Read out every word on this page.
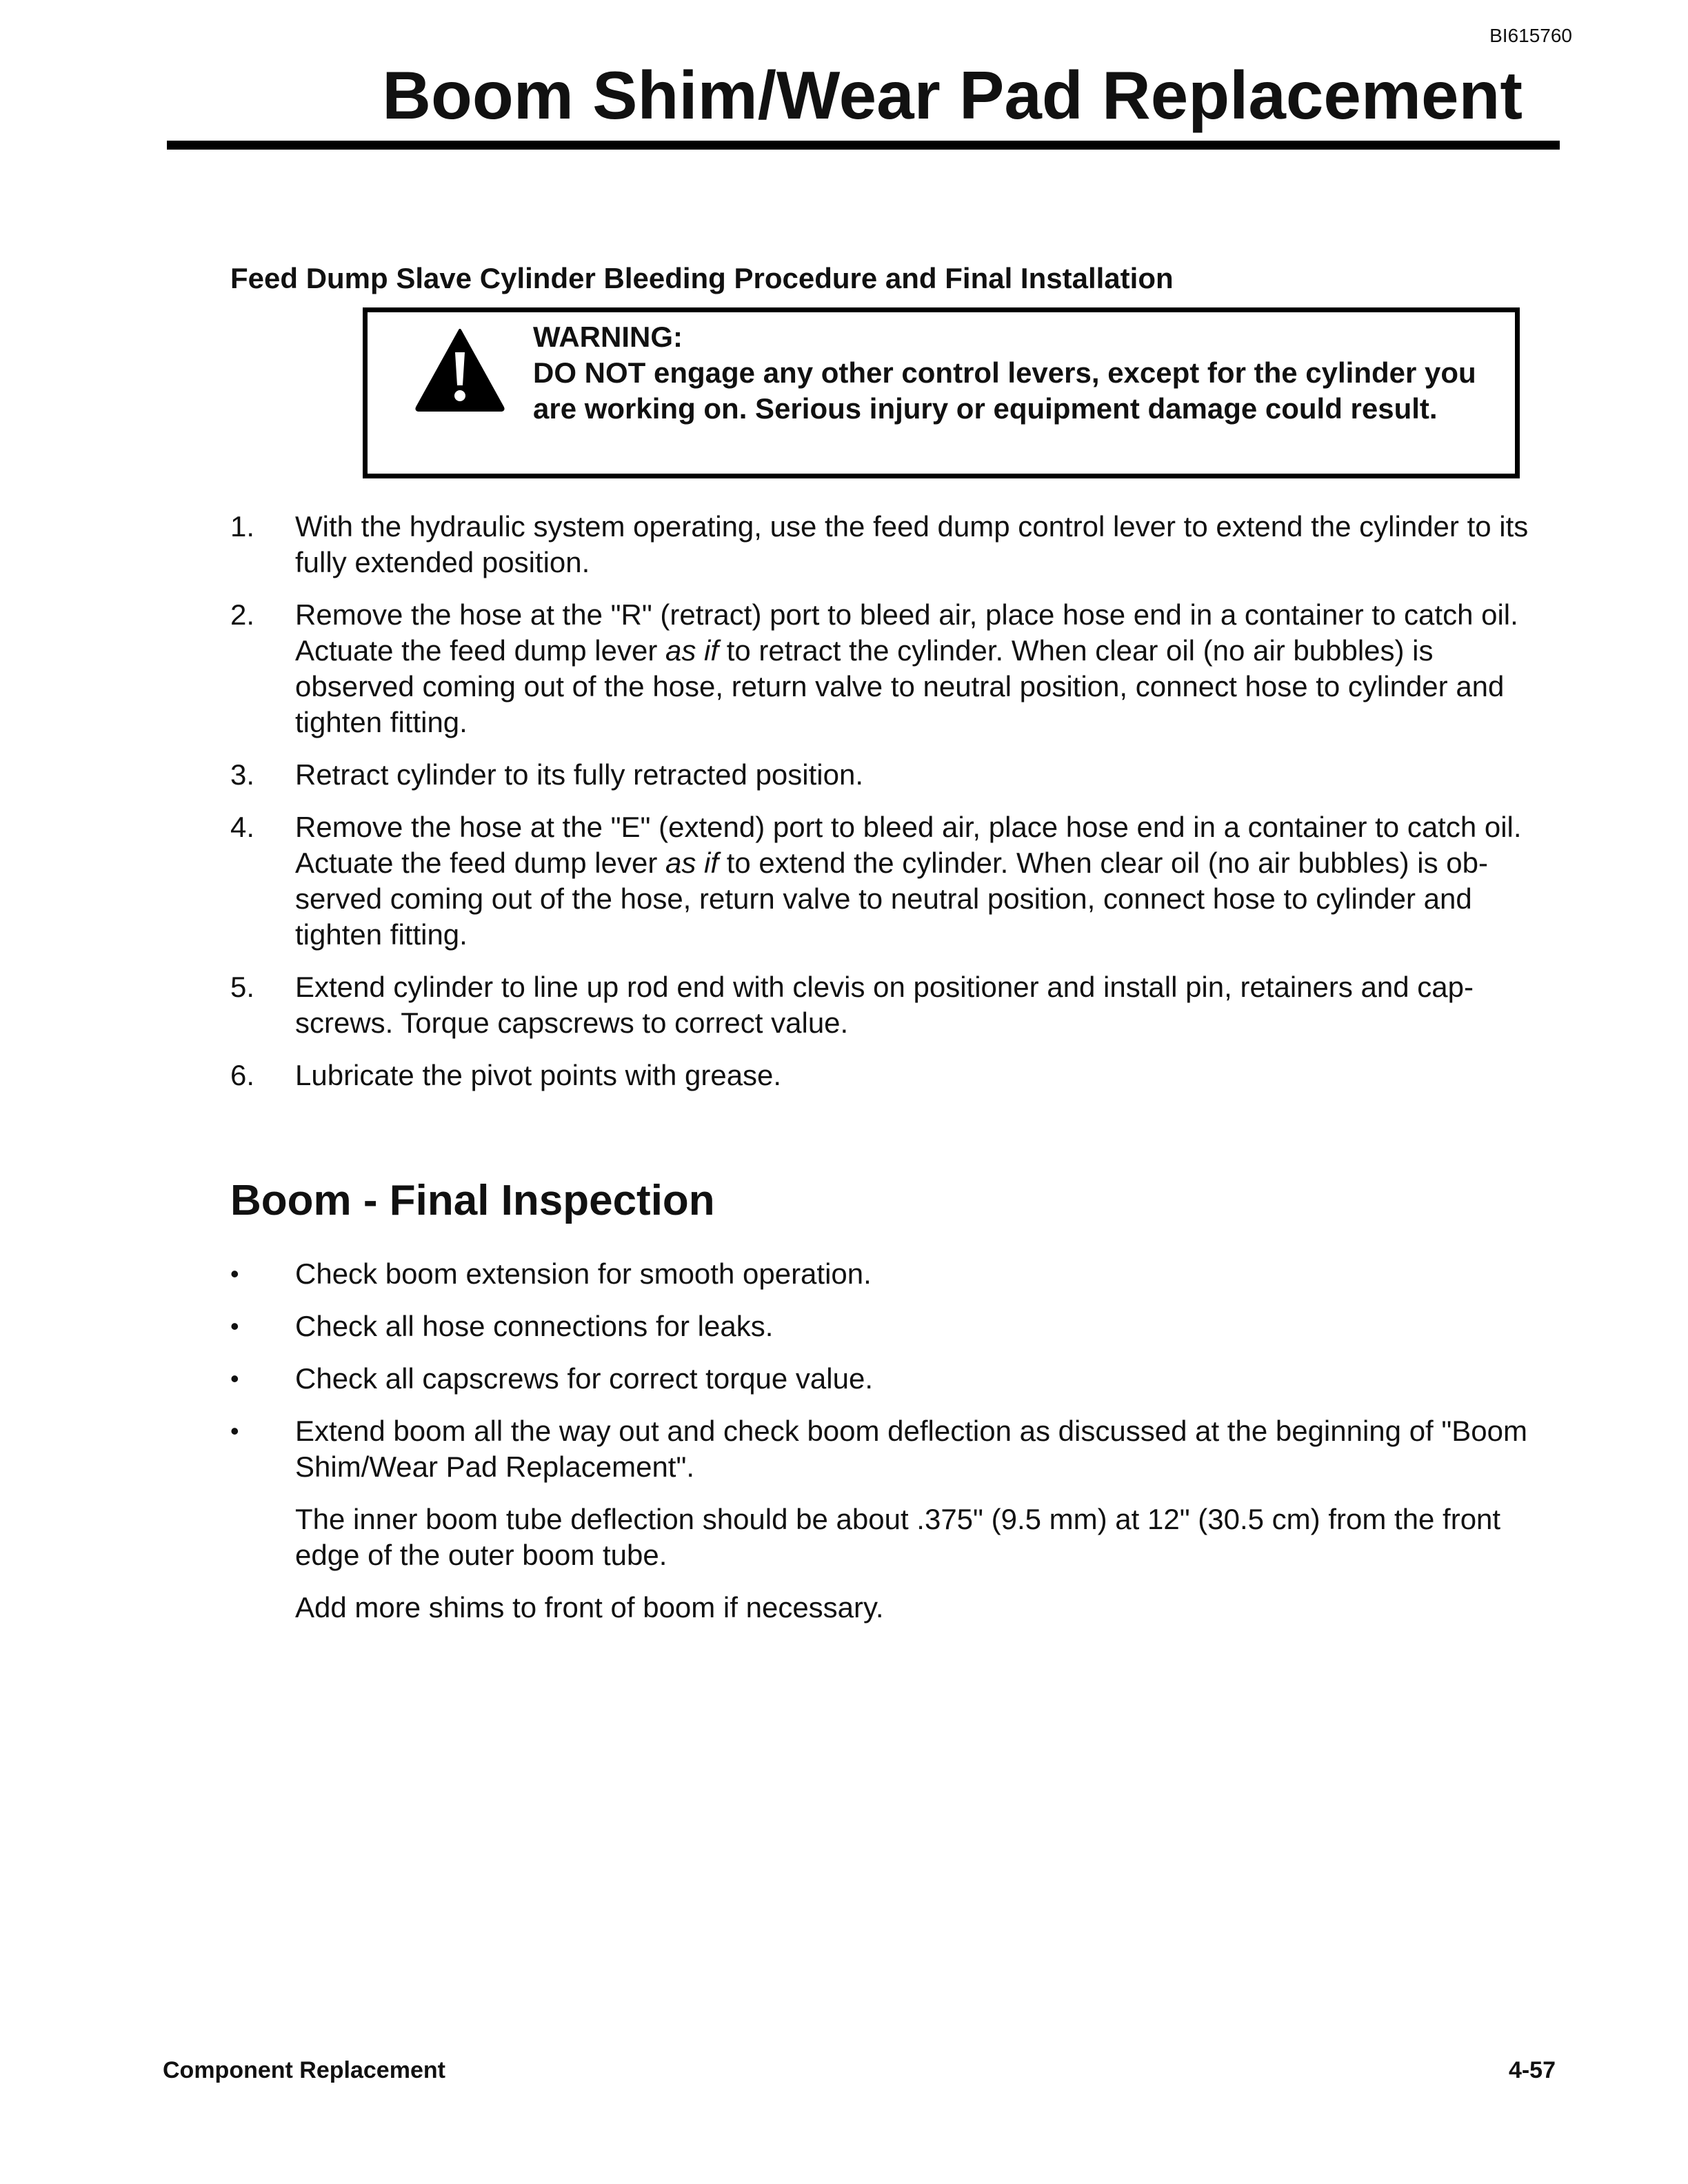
BI615760
Boom Shim/Wear Pad Replacement
Feed Dump Slave Cylinder Bleeding Procedure and Final Installation
WARNING:
DO NOT engage any other control levers, except for the cylinder you are working on. Serious injury or equipment damage could result.
1. With the hydraulic system operating, use the feed dump control lever to extend the cylinder to its fully extended position.
2. Remove the hose at the "R" (retract) port to bleed air, place hose end in a container to catch oil. Actuate the feed dump lever as if to retract the cylinder. When clear oil (no air bubbles) is observed coming out of the hose, return valve to neutral position, connect hose to cylinder and tighten fitting.
3. Retract cylinder to its fully retracted position.
4. Remove the hose at the "E" (extend) port to bleed air, place hose end in a container to catch oil. Actuate the feed dump lever as if to extend the cylinder. When clear oil (no air bubbles) is ob-served coming out of the hose, return valve to neutral position, connect hose to cylinder and tighten fitting.
5. Extend cylinder to line up rod end with clevis on positioner and install pin, retainers and cap-screws. Torque capscrews to correct value.
6. Lubricate the pivot points with grease.
Boom - Final Inspection
• Check boom extension for smooth operation.
• Check all hose connections for leaks.
• Check all capscrews for correct torque value.
• Extend boom all the way out and check boom deflection as discussed at the beginning of "Boom Shim/Wear Pad Replacement".
The inner boom tube deflection should be about .375" (9.5 mm) at 12" (30.5 cm) from the front edge of the outer boom tube.
Add more shims to front of boom if necessary.
Component Replacement	4-57
